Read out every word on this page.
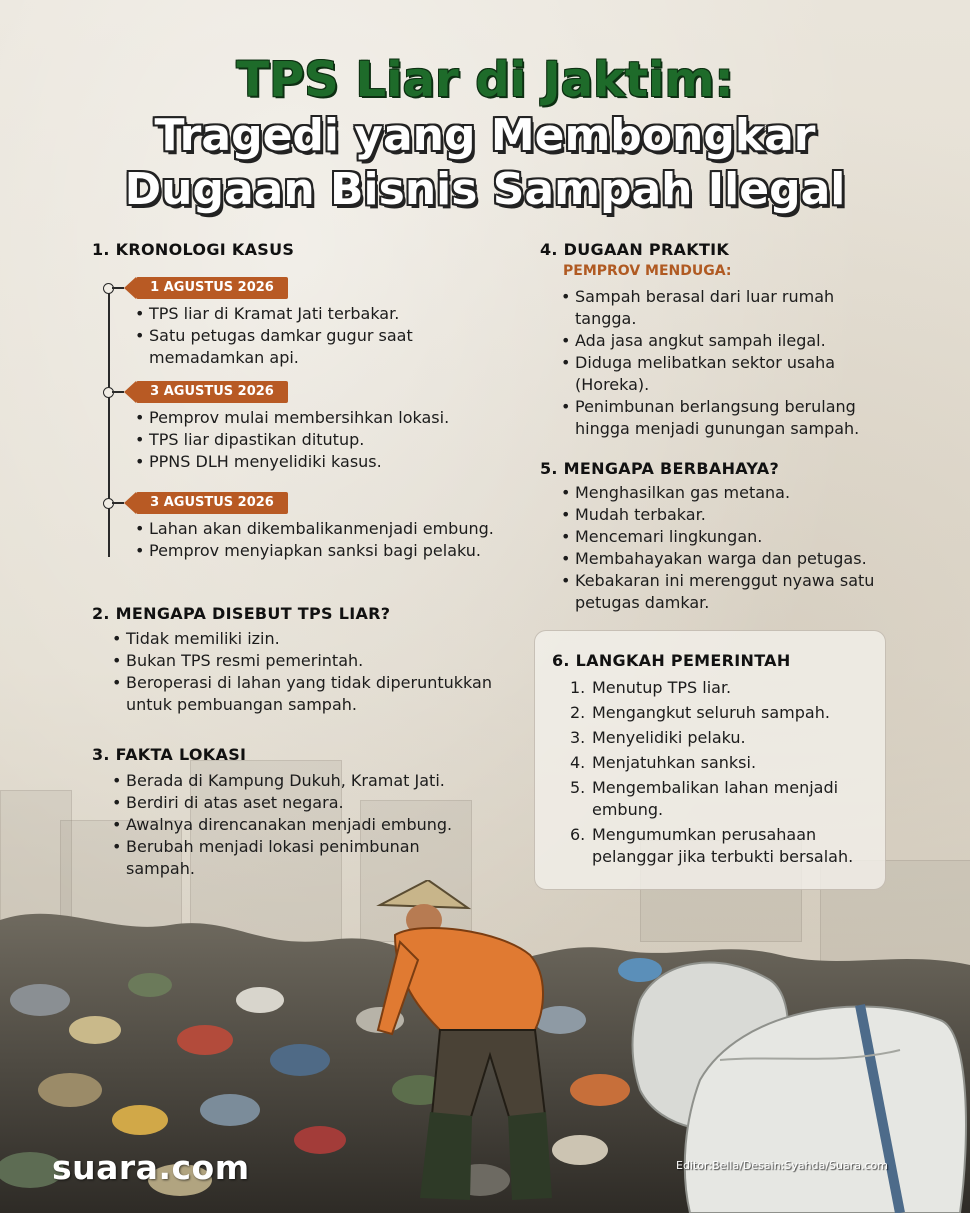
TPS Liar di Jaktim:
Tragedi yang Membongkar
Dugaan Bisnis Sampah Ilegal
1. KRONOLOGI KASUS
1 AGUSTUS 2026
• TPS liar di Kramat Jati terbakar.
• Satu petugas damkar gugur saat memadamkan api.
3 AGUSTUS 2026
• Pemprov mulai membersihkan lokasi.
• TPS liar dipastikan ditutup.
• PPNS DLH menyelidiki kasus.
3 AGUSTUS 2026
• Lahan akan dikembalikanmenjadi embung.
• Pemprov menyiapkan sanksi bagi pelaku.
2. MENGAPA DISEBUT TPS LIAR?
• Tidak memiliki izin.
• Bukan TPS resmi pemerintah.
• Beroperasi di lahan yang tidak diperuntukkan untuk pembuangan sampah.
3. FAKTA LOKASI
• Berada di Kampung Dukuh, Kramat Jati.
• Berdiri di atas aset negara.
• Awalnya direncanakan menjadi embung.
• Berubah menjadi lokasi penimbunan sampah.
4. DUGAAN PRAKTIK
PEMPROV MENDUGA:
• Sampah berasal dari luar rumah tangga.
• Ada jasa angkut sampah ilegal.
• Diduga melibatkan sektor usaha (Horeka).
• Penimbunan berlangsung berulang hingga menjadi gunungan sampah.
5. MENGAPA BERBAHAYA?
• Menghasilkan gas metana.
• Mudah terbakar.
• Mencemari lingkungan.
• Membahayakan warga dan petugas.
• Kebakaran ini merenggut nyawa satu petugas damkar.
6. LANGKAH PEMERINTAH
1. Menutup TPS liar.
2. Mengangkut seluruh sampah.
3. Menyelidiki pelaku.
4. Menjatuhkan sanksi.
5. Mengembalikan lahan menjadi embung.
6. Mengumumkan perusahaan pelanggar jika terbukti bersalah.

suara.com	Editor:Bella/Desain:Syahda/Suara.com
